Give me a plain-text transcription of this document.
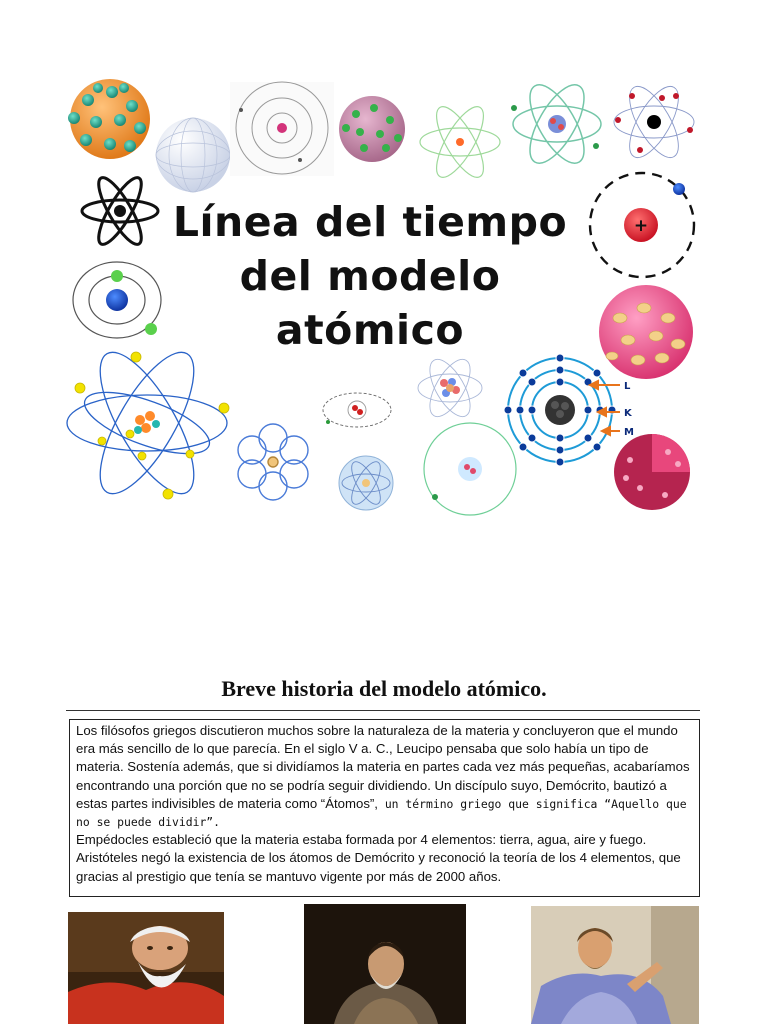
+
L
K
M
Línea del tiempo
del modelo
atómico
Breve historia del modelo atómico.

Los filósofos griegos discutieron muchos sobre la naturaleza de la materia y concluyeron que el mundo era más sencillo de lo que parecía. En el siglo V a. C., Leucipo pensaba que solo había un tipo de materia. Sostenía además, que si dividíamos la materia en partes cada vez más pequeñas, acabaríamos encontrando una porción que no se podría seguir dividiendo. Un discípulo suyo, Demócrito, bautizó a estas partes indivisibles de materia como “Átomos”, un término griego que significa “Aquello que no se puede dividir”.

Empédocles estableció que la materia estaba formada por 4 elementos: tierra, agua, aire y fuego.

Aristóteles negó la existencia de los átomos de Demócrito y reconoció la teoría de los 4 elementos, que gracias al prestigio que tenía se mantuvo vigente por más de 2000 años.
